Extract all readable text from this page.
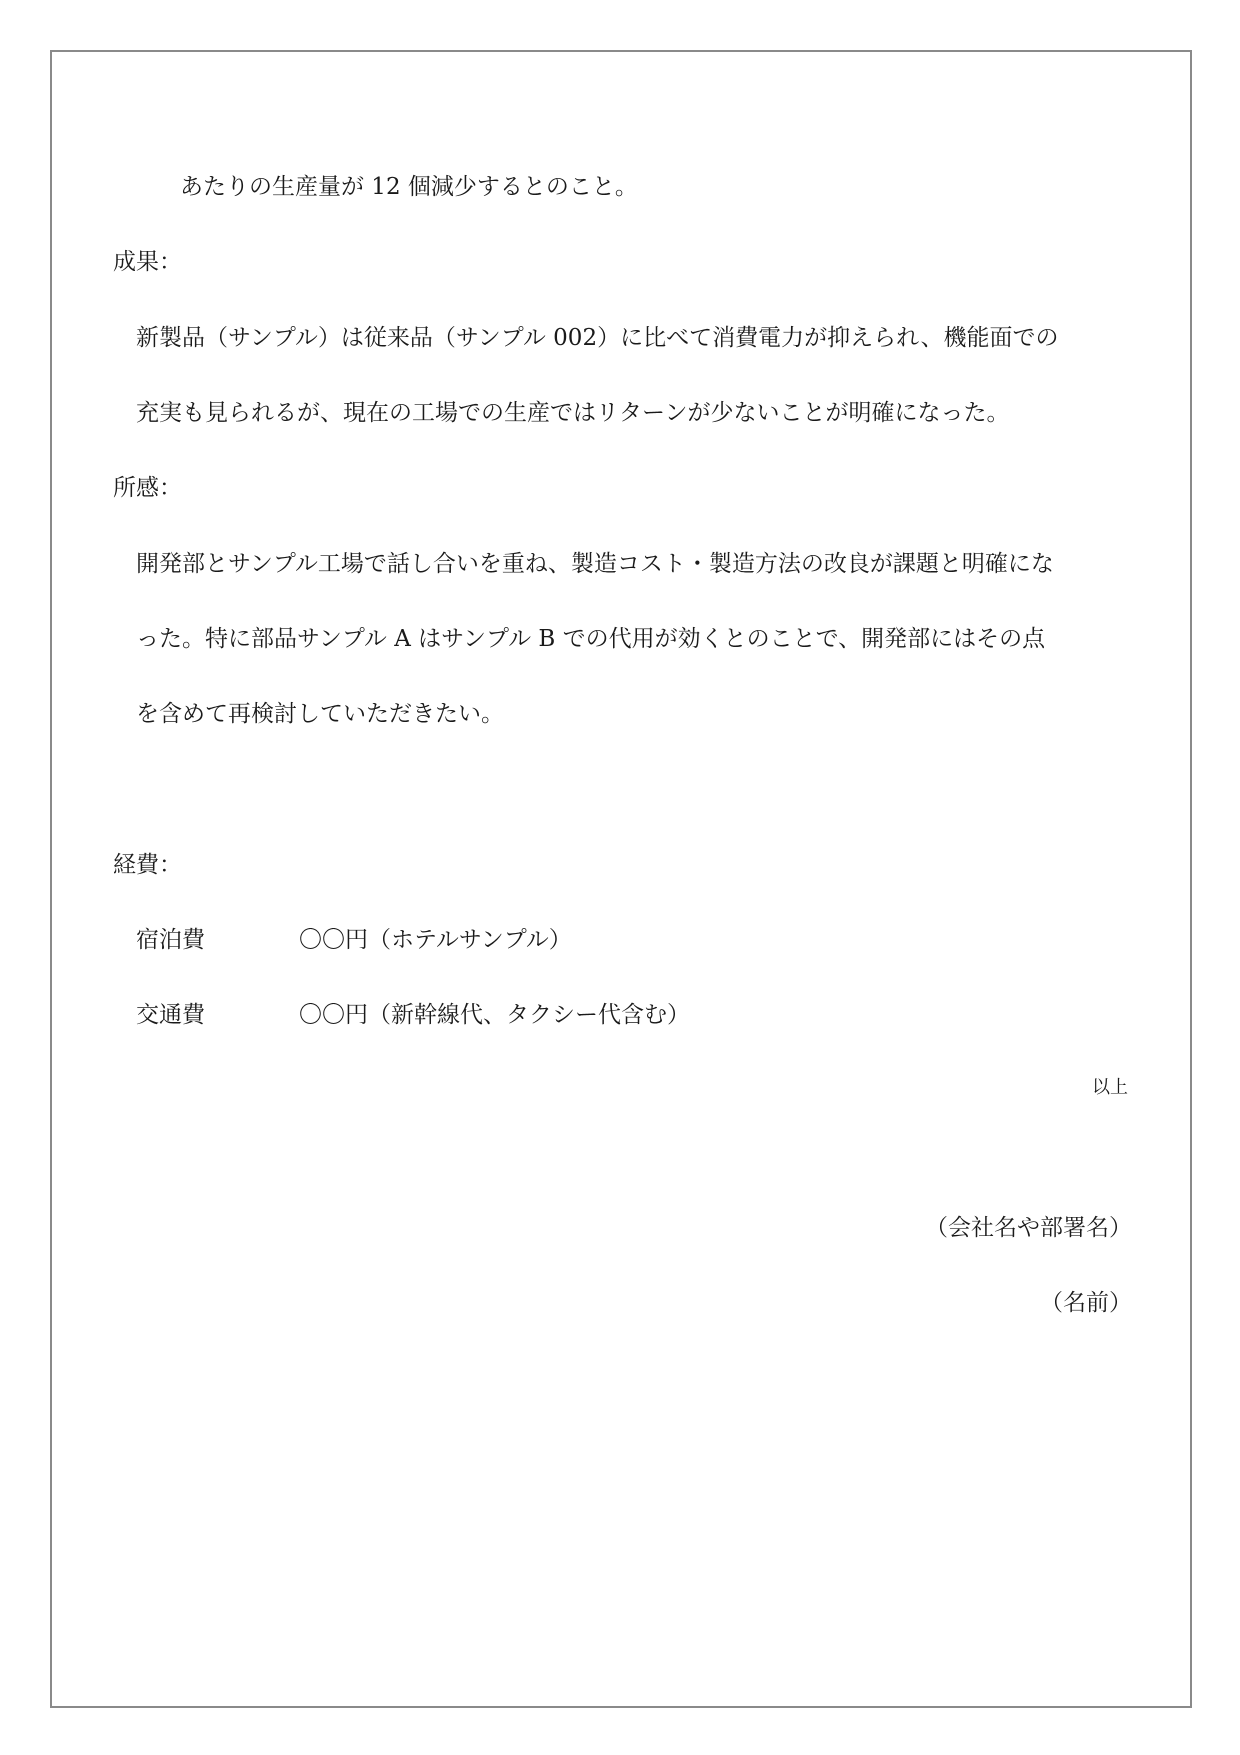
あたりの生産量が 12 個減少するとのこと。

成果：

新製品（サンプル）は従来品（サンプル 002）に比べて消費電力が抑えられ、機能面での

充実も見られるが、現在の工場での生産ではリターンが少ないことが明確になった。

所感：

開発部とサンプル工場で話し合いを重ね、製造コスト・製造方法の改良が課題と明確にな

った。特に部品サンプル A はサンプル B での代用が効くとのことで、開発部にはその点

を含めて再検討していただきたい。

経費：

宿泊費	〇〇円（ホテルサンプル）
交通費	〇〇円（新幹線代、タクシー代含む）

以上

（会社名や部署名）

（名前）
